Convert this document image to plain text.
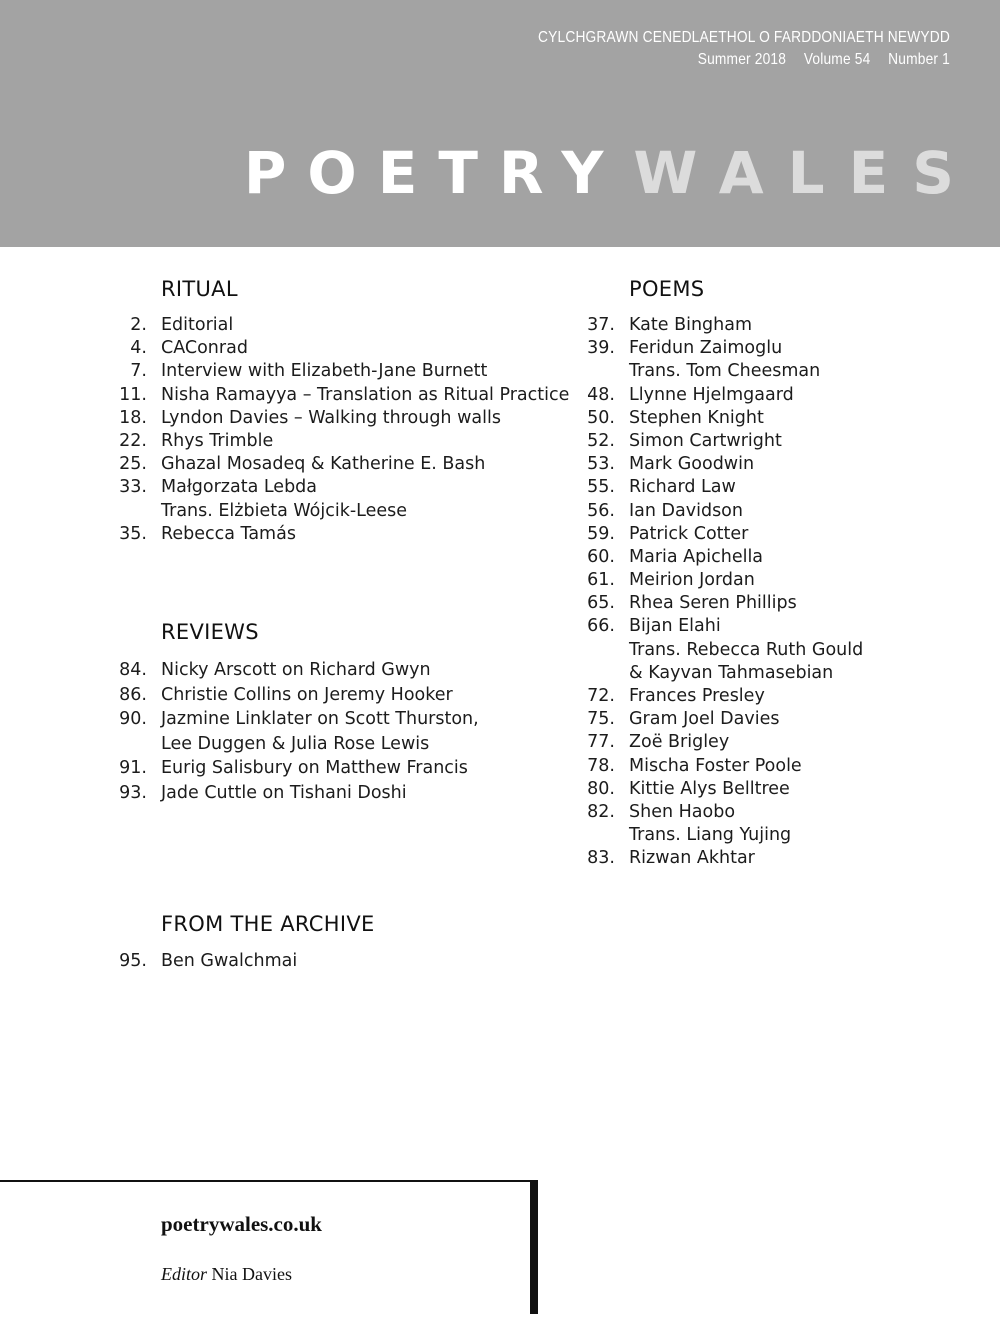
CYLCHGRAWN CENEDLAETHOL O FARDDONIAETH NEWYDD
Summer 2018 Volume 54 Number 1
POETRY WALES
RITUAL
2. Editorial
4. CAConrad
7. Interview with Elizabeth-Jane Burnett
11. Nisha Ramayya – Translation as Ritual Practice
18. Lyndon Davies – Walking through walls
22. Rhys Trimble
25. Ghazal Mosadeq & Katherine E. Bash
33. Małgorzata Lebda
Trans. Elżbieta Wójcik-Leese
35. Rebecca Tamás
REVIEWS
84. Nicky Arscott on Richard Gwyn
86. Christie Collins on Jeremy Hooker
90. Jazmine Linklater on Scott Thurston,
Lee Duggen & Julia Rose Lewis
91. Eurig Salisbury on Matthew Francis
93. Jade Cuttle on Tishani Doshi
FROM THE ARCHIVE
95. Ben Gwalchmai
POEMS
37. Kate Bingham
39. Feridun Zaimoglu
Trans. Tom Cheesman
48. Llynne Hjelmgaard
50. Stephen Knight
52. Simon Cartwright
53. Mark Goodwin
55. Richard Law
56. Ian Davidson
59. Patrick Cotter
60. Maria Apichella
61. Meirion Jordan
65. Rhea Seren Phillips
66. Bijan Elahi
Trans. Rebecca Ruth Gould
& Kayvan Tahmasebian
72. Frances Presley
75. Gram Joel Davies
77. Zoë Brigley
78. Mischa Foster Poole
80. Kittie Alys Belltree
82. Shen Haobo
Trans. Liang Yujing
83. Rizwan Akhtar
poetrywales.co.uk
Editor Nia Davies
